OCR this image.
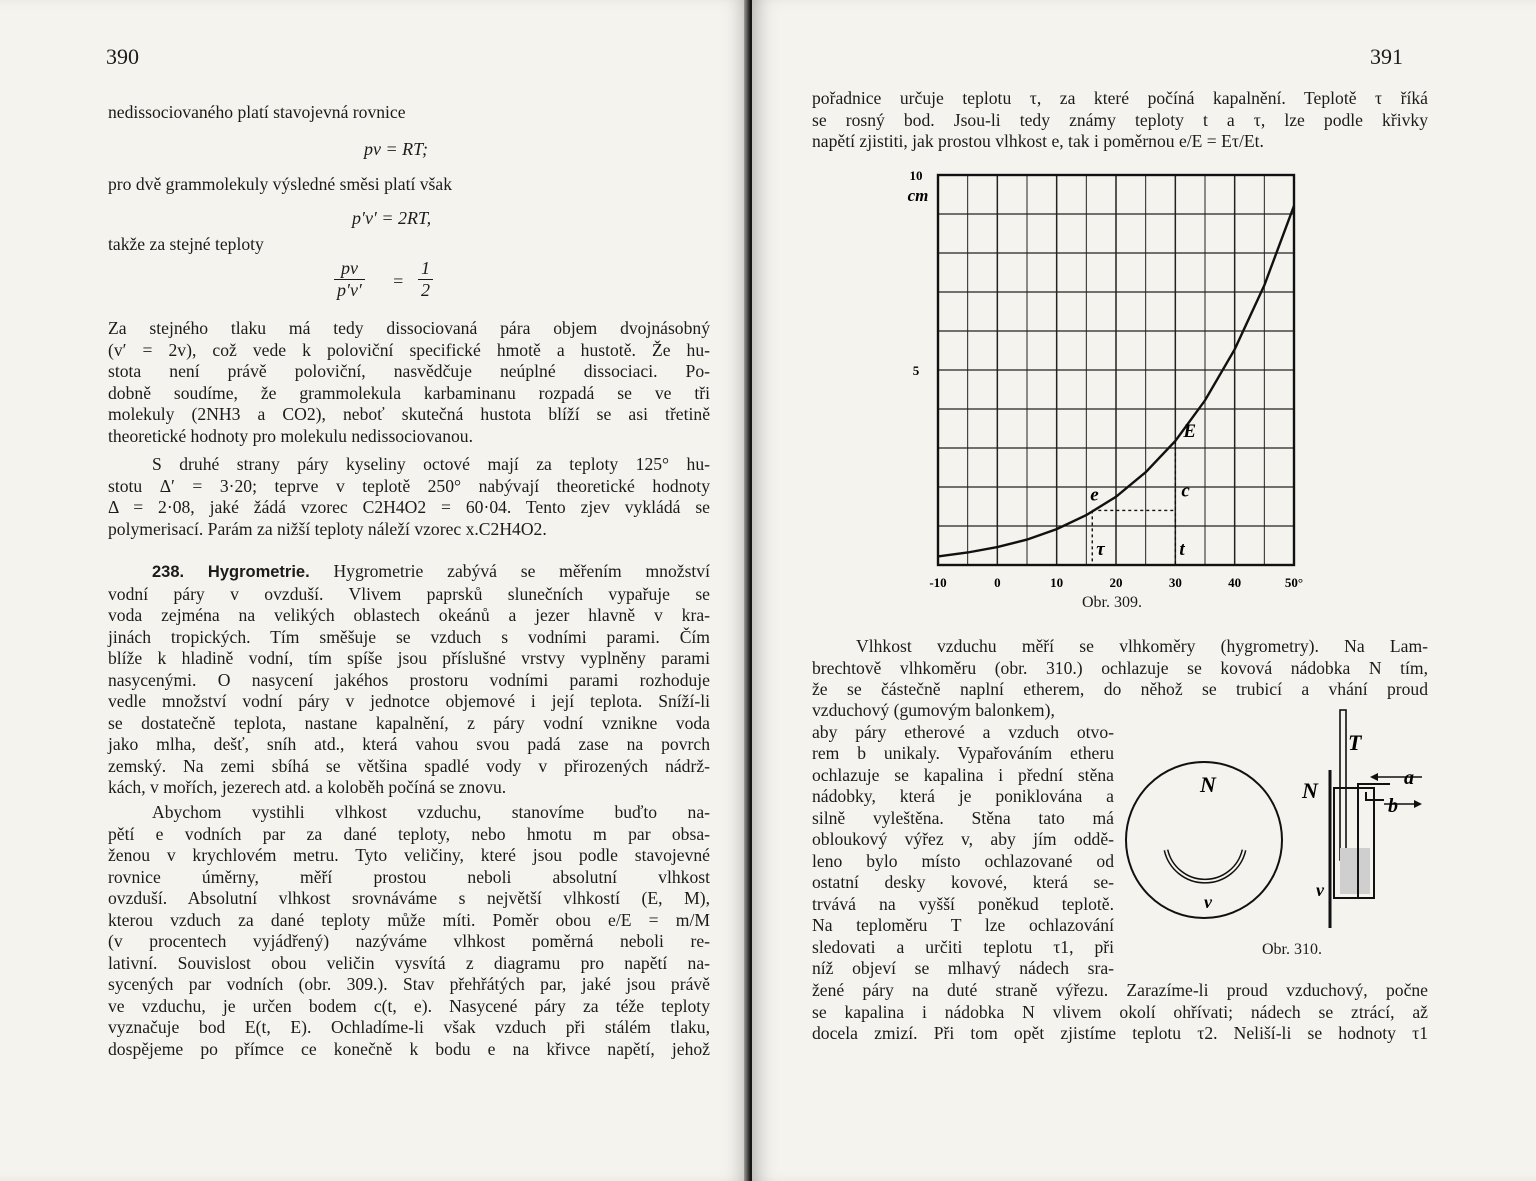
390
nedissociovaného platí stavojevná rovnice
pv = RT;
pro dvě grammolekuly výsledné směsi platí však
p′v′ = 2RT,
takže za stejné teploty
$\frac{pv}{p'v'} = \frac{1}{2}$
Za stejného tlaku má tedy dissociovaná pára objem dvojnásobný
(v′ = 2v), což vede k poloviční specifické hmotě a hustotě. Že hu-
stota není právě poloviční, nasvědčuje neúplné dissociaci. Po-
dobně soudíme, že grammolekula karbaminanu rozpadá se ve tři
molekuly (2NH3 a CO2), neboť skutečná hustota blíží se asi třetině
theoretické hodnoty pro molekulu nedissociovanou.
S druhé strany páry kyseliny octové mají za teploty 125° hu-
stotu Δ′ = 3·20; teprve v teplotě 250° nabývají theoretické hodnoty
Δ = 2·08, jaké žádá vzorec C2H4O2 = 60·04. Tento zjev vykládá se
polymerisací. Parám za nižší teploty náleží vzorec x.C2H4O2.
238. Hygrometrie. Hygrometrie zabývá se měřením množství
vodní páry v ovzduší. Vlivem paprsků slunečních vypařuje se
voda zejména na velikých oblastech okeánů a jezer hlavně v kra-
jinách tropických. Tím směšuje se vzduch s vodními parami. Čím
blíže k hladině vodní, tím spíše jsou příslušné vrstvy vyplněny parami
nasycenými. O nasycení jakéhos prostoru vodními parami rozhoduje
vedle množství vodní páry v jednotce objemové i její teplota. Sníží-li
se dostatečně teplota, nastane kapalnění, z páry vodní vznikne voda
jako mlha, dešť, sníh atd., která vahou svou padá zase na povrch
zemský. Na zemi sbíhá se většina spadlé vody v přirozených nádrž-
kách, v mořích, jezerech atd. a koloběh počíná se znovu.
Abychom vystihli vlhkost vzduchu, stanovíme buďto na-
pětí e vodních par za dané teploty, nebo hmotu m par obsa-
ženou v krychlovém metru. Tyto veličiny, které jsou podle stavojevné
rovnice úměrny, měří prostou neboli absolutní vlhkost
ovzduší. Absolutní vlhkost srovnáváme s největší vlhkostí (E, M),
kterou vzduch za dané teploty může míti. Poměr obou e/E = m/M
(v procentech vyjádřený) nazýváme vlhkost poměrná neboli re-
lativní. Souvislost obou veličin vysvítá z diagramu pro napětí na-
sycených par vodních (obr. 309.). Stav přehřátých par, jaké jsou právě
ve vzduchu, je určen bodem c(t, e). Nasycené páry za téže teploty
vyznačuje bod E(t, E). Ochladíme-li však vzduch při stálém tlaku,
dospějeme po přímce ce konečně k bodu e na křivce napětí, jehož
391
pořadnice určuje teplotu τ, za které počíná kapalnění. Teplotě τ říká
se rosný bod. Jsou-li tedy známy teploty t a τ, lze podle křivky
napětí zjistiti, jak prostou vlhkost e, tak i poměrnou e/E = Eτ/Et.
-10	0	10	20	30	40	50°
5
10
cm
E
e	c
τ	t
Obr. 309.
Vlhkost vzduchu měří se vlhkoměry (hygrometry). Na Lam-
brechtově vlhkoměru (obr. 310.) ochlazuje se kovová nádobka N tím,
že se částečně naplní etherem, do něhož se trubicí a vhání proud
vzduchový (gumovým balonkem),
aby páry etherové a vzduch otvo-
rem b unikaly. Vypařováním etheru
ochlazuje se kapalina i přední stěna
nádobky, která je poniklována a
silně vyleštěna. Stěna tato má
obloukový výřez v, aby jím oddě-
leno bylo místo ochlazované od
ostatní desky kovové, která se-
trvává na vyšší poněkud teplotě.
Na teploměru T lze ochlazování
sledovati a určiti teplotu τ1, při
níž objeví se mlhavý nádech sra-
N
v
T
a
b
N
v
Obr. 310.
žené páry na duté straně výřezu. Zarazíme-li proud vzduchový, počne
se kapalina i nádobka N vlivem okolí ohřívati; nádech se ztrácí, až
docela zmizí. Při tom opět zjistíme teplotu τ2. Neliší-li se hodnoty τ1
